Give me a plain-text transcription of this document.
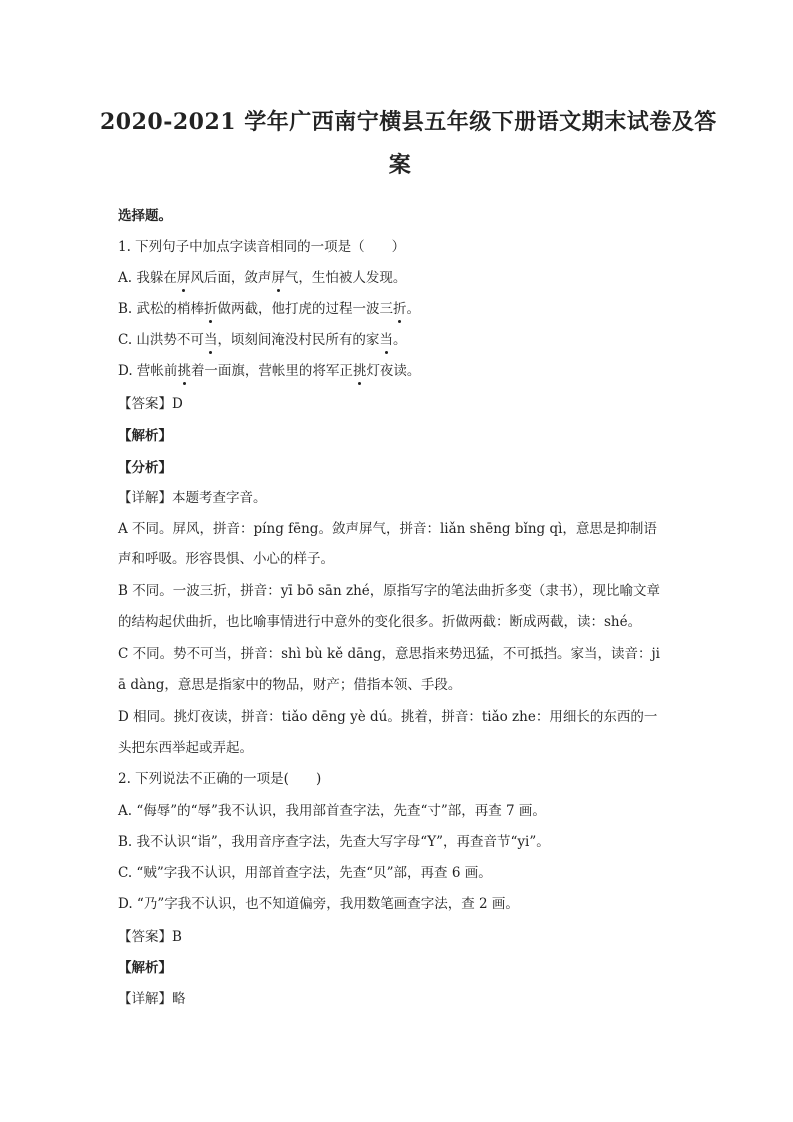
2020-2021 学年广西南宁横县五年级下册语文期末试卷及答
案
选择题。
1. 下列句子中加点字读音相同的一项是（　　）
A. 我躲在屏风后面，敛声屏气，生怕被人发现。
B. 武松的梢棒折做两截，他打虎的过程一波三折。
C. 山洪势不可当，顷刻间淹没村民所有的家当。
D. 营帐前挑着一面旗，营帐里的将军正挑灯夜读。
【答案】D
【解析】
【分析】
【详解】本题考查字音。
A 不同。屏风，拼音：píng fēng。敛声屏气，拼音：liǎn shēng bǐng qì，意思是抑制语
声和呼吸。形容畏惧、小心的样子。
B 不同。一波三折，拼音：yī bō sān zhé，原指写字的笔法曲折多变（隶书），现比喻文章
的结构起伏曲折，也比喻事情进行中意外的变化很多。折做两截：断成两截，读：shé。
C 不同。势不可当，拼音：shì bù kě dāng，意思指来势迅猛，不可抵挡。家当，读音：ji
ā dàng，意思是指家中的物品，财产；借指本领、手段。
D 相同。挑灯夜读，拼音：tiǎo dēng yè dú。挑着，拼音：tiǎo zhe：用细长的东西的一
头把东西举起或弄起。
2. 下列说法不正确的一项是(　　)
A. “侮辱”的“辱”我不认识，我用部首查字法，先查“寸”部，再查 7 画。
B. 我不认识“诣”，我用音序查字法，先查大写字母“Y”，再查音节“yi”。
C. “贼”字我不认识，用部首查字法，先查“贝”部，再查 6 画。
D. “乃”字我不认识，也不知道偏旁，我用数笔画查字法，查 2 画。
【答案】B
【解析】
【详解】略
